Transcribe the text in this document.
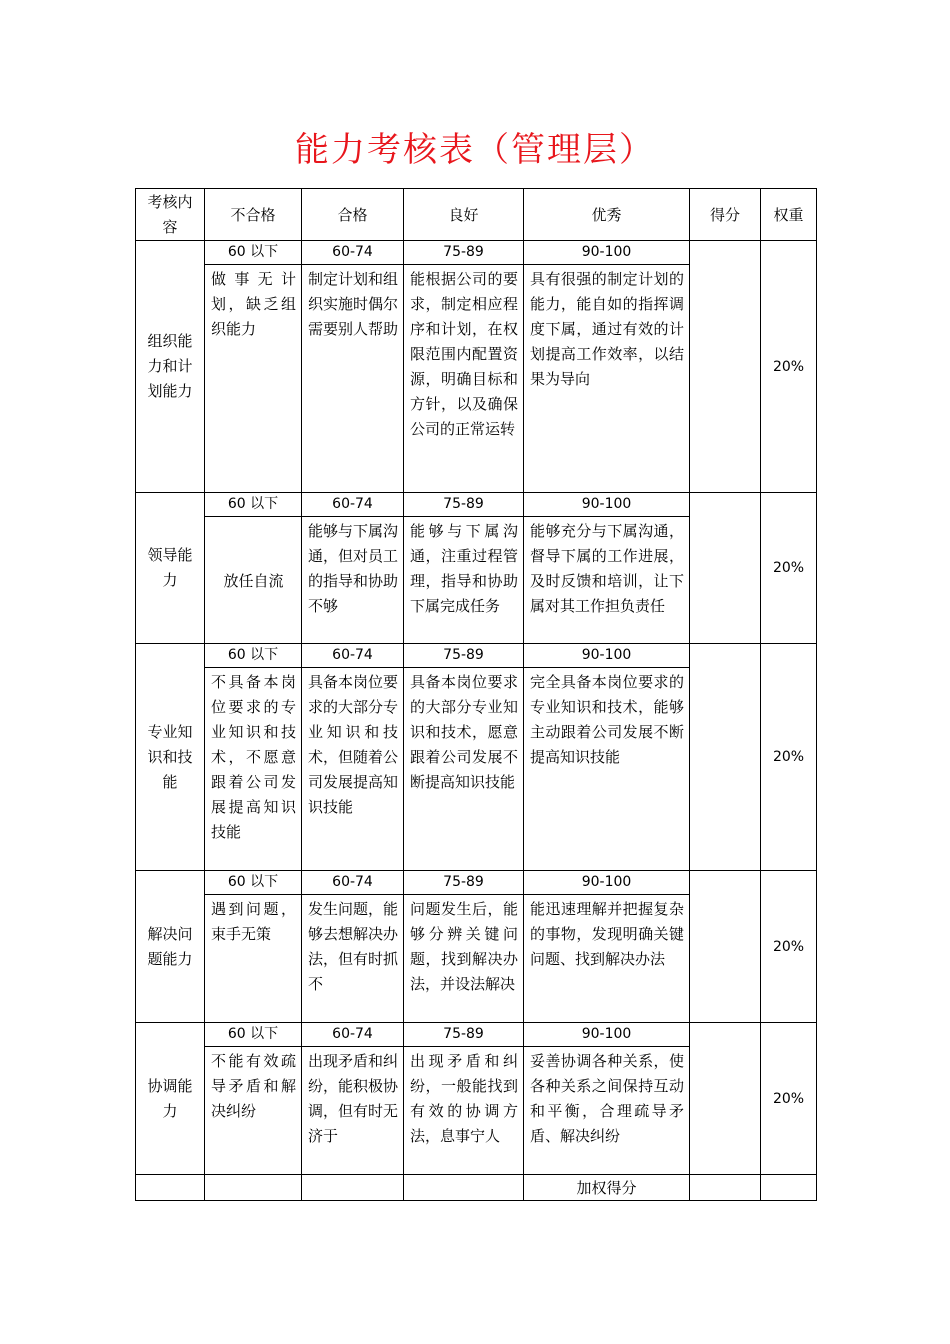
能力考核表（管理层）
考核内容	不合格	合格	良好	优秀	得分	权重
组织能力和计划能力	60 以下	60-74	75-89	90-100		20%
	做事无计划，缺乏组织能力	制定计划和组织实施时偶尔需要别人帮助	能根据公司的要求，制定相应程序和计划，在权限范围内配置资源，明确目标和方针，以及确保公司的正常运转	具有很强的制定计划的能力，能自如的指挥调度下属，通过有效的计划提高工作效率，以结果为导向		
领导能力	60 以下	60-74	75-89	90-100		20%
	放任自流	能够与下属沟通，但对员工的指导和协助不够	能够与下属沟通，注重过程管理，指导和协助下属完成任务	能够充分与下属沟通，督导下属的工作进展，及时反馈和培训，让下属对其工作担负责任		
专业知识和技能	60 以下	60-74	75-89	90-100		20%
	不具备本岗位要求的专业知识和技术，不愿意跟着公司发展提高知识技能	具备本岗位要求的大部分专业知识和技术，但随着公司发展提高知识技能	具备本岗位要求的大部分专业知识和技术，愿意跟着公司发展不断提高知识技能	完全具备本岗位要求的专业知识和技术，能够主动跟着公司发展不断提高知识技能		
解决问题能力	60 以下	60-74	75-89	90-100		20%
	遇到问题，束手无策	发生问题，能够去想解决办法，但有时抓不	问题发生后，能够分辨关键问题，找到解决办法，并设法解决	能迅速理解并把握复杂的事物，发现明确关键问题、找到解决办法		
协调能力	60 以下	60-74	75-89	90-100		20%
	不能有效疏导矛盾和解决纠纷	出现矛盾和纠纷，能积极协调，但有时无济于	出现矛盾和纠纷，一般能找到有效的协调方法，息事宁人	妥善协调各种关系，使各种关系之间保持互动和平衡，合理疏导矛盾、解决纠纷		
				加权得分		
